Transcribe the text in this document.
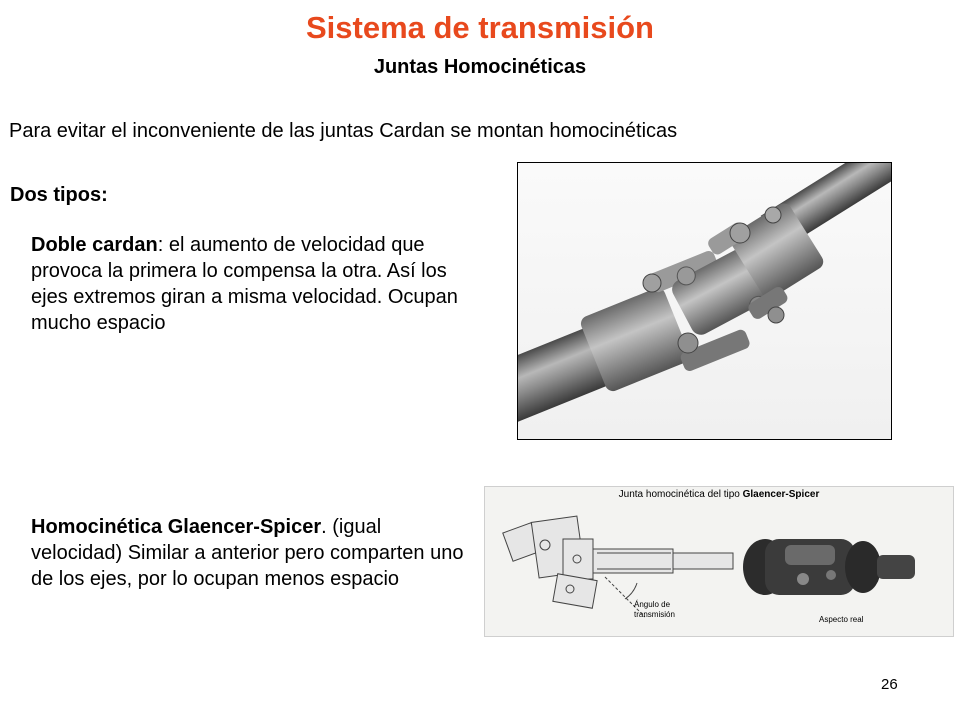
Sistema de transmisión
Juntas Homocinéticas
Para evitar el inconveniente de las juntas Cardan se montan homocinéticas
Dos tipos:
Doble cardan: el aumento de velocidad que provoca la primera lo compensa la otra. Así los ejes extremos giran a misma velocidad. Ocupan mucho espacio
Homocinética Glaencer-Spicer. (igual velocidad) Similar a anterior pero comparten uno de los ejes, por lo ocupan menos espacio
Junta homocinética del tipo Glaencer-Spicer
Ángulo de transmisión
Aspecto real
26
